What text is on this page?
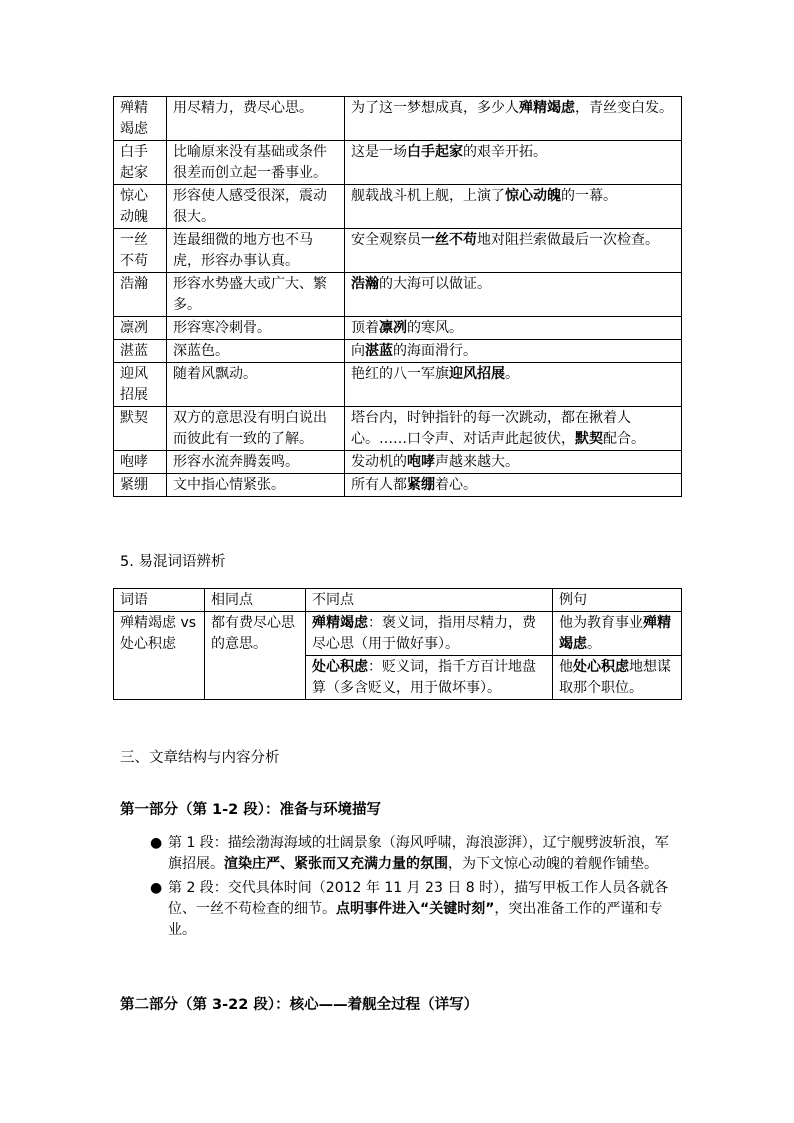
殚精竭虑	用尽精力，费尽心思。	为了这一梦想成真，多少人殚精竭虑，青丝变白发。
白手起家	比喻原来没有基础或条件很差而创立起一番事业。	这是一场白手起家的艰辛开拓。
惊心动魄	形容使人感受很深，震动很大。	舰载战斗机上舰，上演了惊心动魄的一幕。
一丝不苟	连最细微的地方也不马虎，形容办事认真。	安全观察员一丝不苟地对阻拦索做最后一次检查。
浩瀚	形容水势盛大或广大、繁多。	浩瀚的大海可以做证。
凛冽	形容寒冷刺骨。	顶着凛冽的寒风。
湛蓝	深蓝色。	向湛蓝的海面滑行。
迎风招展	随着风飘动。	艳红的八一军旗迎风招展。
默契	双方的意思没有明白说出而彼此有一致的了解。	塔台内，时钟指针的每一次跳动，都在揪着人心。……口令声、对话声此起彼伏，默契配合。
咆哮	形容水流奔腾轰鸣。	发动机的咆哮声越来越大。
紧绷	文中指心情紧张。	所有人都紧绷着心。
5. 易混词语辨析
词语	相同点	不同点	例句
殚精竭虑 vs 处心积虑	都有费尽心思的意思。	殚精竭虑：褒义词，指用尽精力，费尽心思（用于做好事）。	他为教育事业殚精竭虑。
		处心积虑：贬义词，指千方百计地盘算（多含贬义，用于做坏事）。	他处心积虑地想谋取那个职位。
三、文章结构与内容分析
第一部分（第 1-2 段）：准备与环境描写
● 第 1 段：描绘渤海海域的壮阔景象（海风呼啸，海浪澎湃），辽宁舰劈波斩浪，军旗招展。渲染庄严、紧张而又充满力量的氛围，为下文惊心动魄的着舰作铺垫。
● 第 2 段：交代具体时间（2012 年 11 月 23 日 8 时），描写甲板工作人员各就各位、一丝不苟检查的细节。点明事件进入“关键时刻”，突出准备工作的严谨和专业。
第二部分（第 3-22 段）：核心——着舰全过程（详写）
